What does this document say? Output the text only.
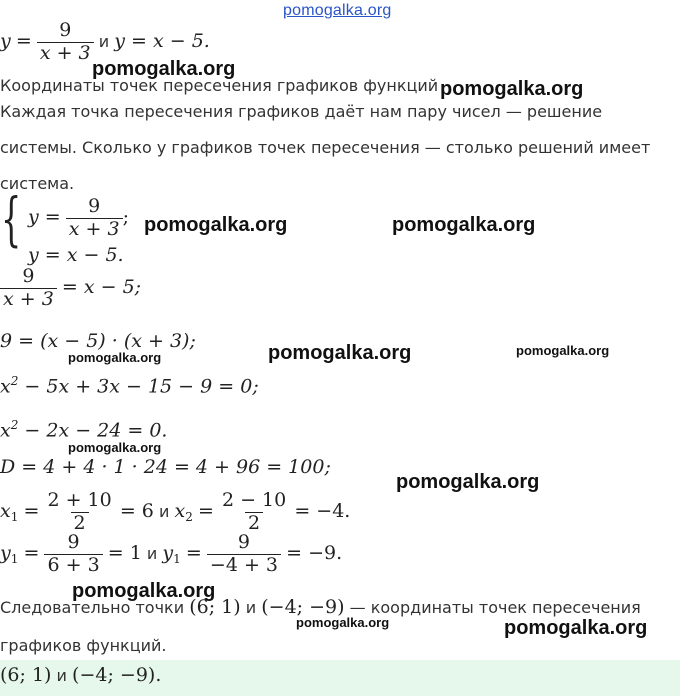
pomogalka.org
$y = \frac{9}{x + 3}$ и y = x − 5.
Координаты точек пересечения графиков функций
pomogalka.org
pomogalka.org
Каждая точка пересечения графиков даёт нам пару чисел — решение
системы. Сколько у графиков точек пересечения — столько решений имеет
система.
{ $y = \frac{9}{x + 3}$ ;
y = x − 5.
pomogalka.org	pomogalka.org
$\frac{9}{x + 3} = x - 5$;
9 = (x − 5) · (x + 3);
pomogalka.org	pomogalka.org	pomogalka.org
$x^2 - 5x + 3x - 15 - 9 = 0$;
$x^2 - 2x - 24 = 0$.
pomogalka.org
D = 4 + 4 · 1 · 24 = 4 + 96 = 100;
pomogalka.org
$x_1 = \frac{2 + 10}{2} = 6$ и $x_2 = \frac{2 - 10}{2} = -4$.
$y_1 = \frac{9}{6 + 3} = 1$ и $y_1 = \frac{9}{-4 + 3} = -9$.
pomogalka.org
Следовательно точки (6; 1) и (−4; −9) — координаты точек пересечения
pomogalka.org	pomogalka.org
графиков функций.
(6; 1) и (−4; −9).
